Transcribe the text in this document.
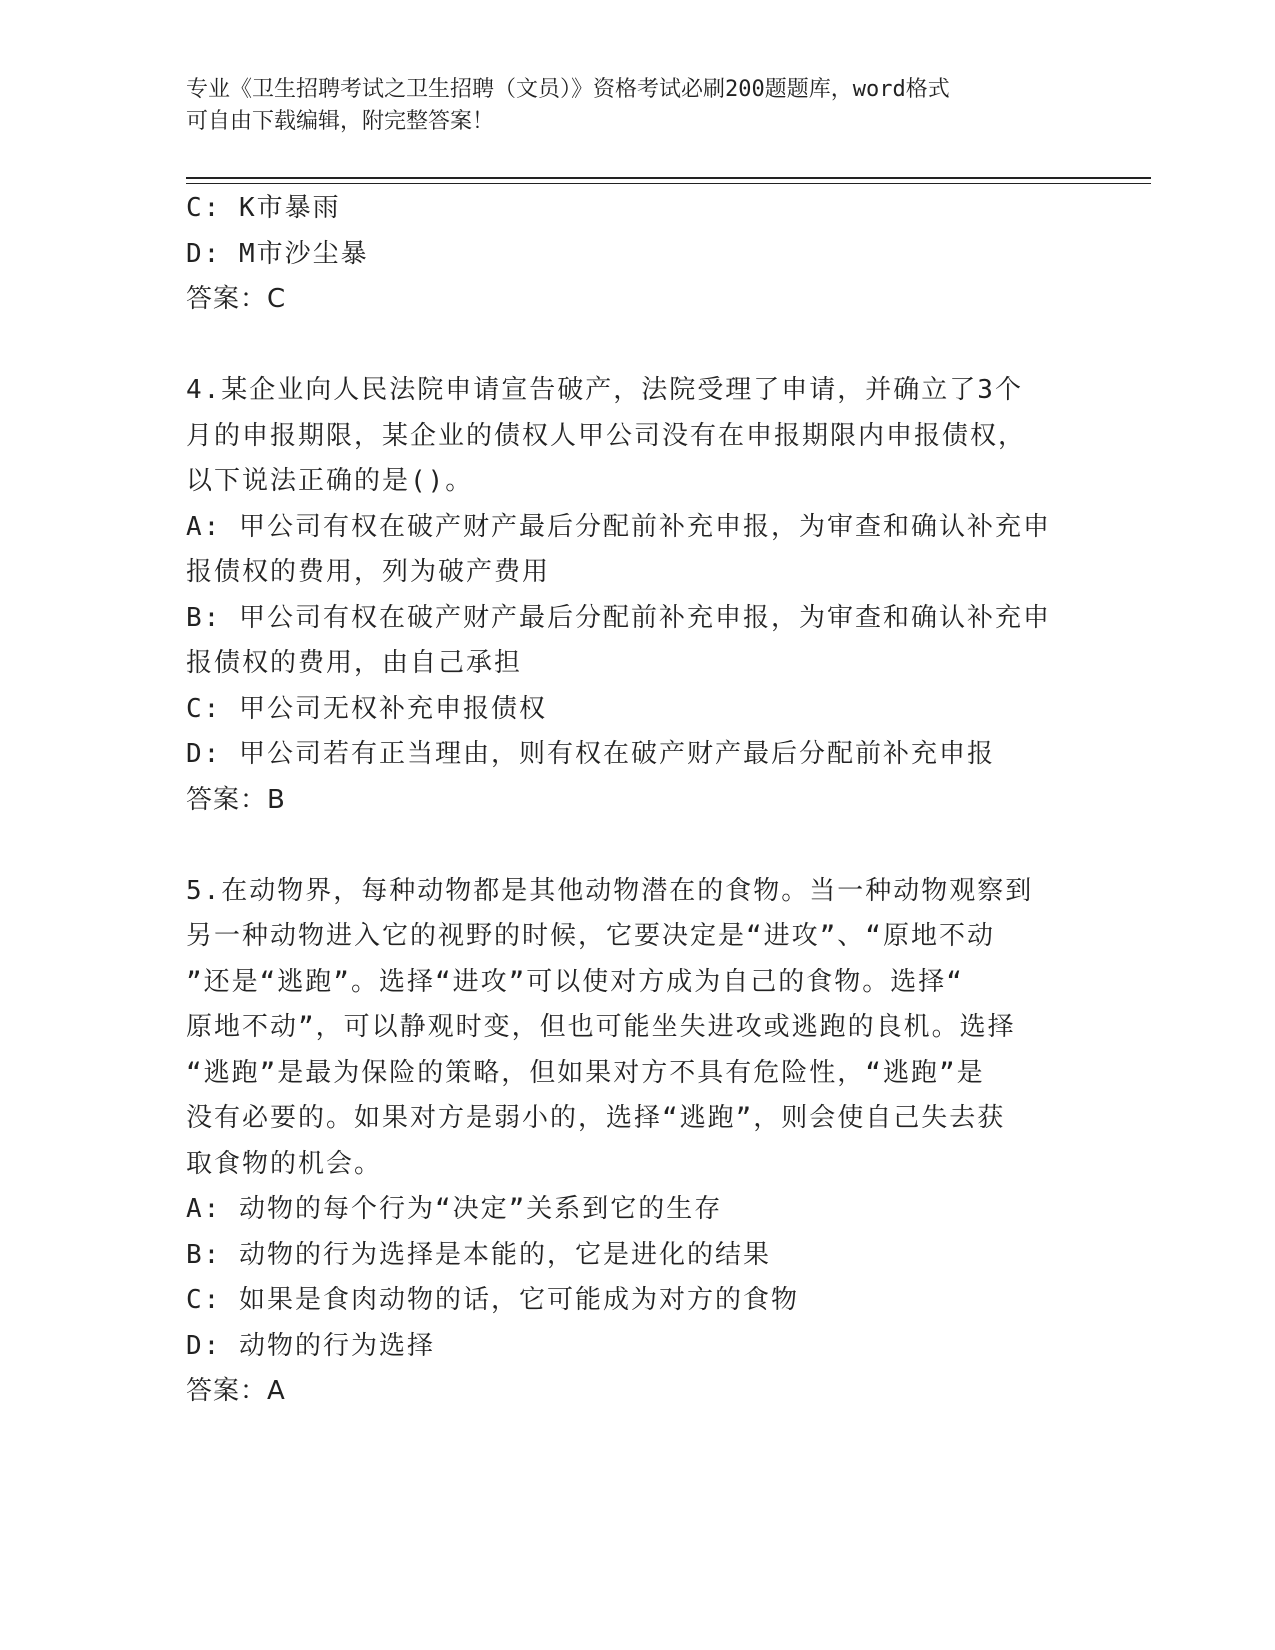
专业《卫生招聘考试之卫生招聘（文员）》资格考试必刷200题题库，word格式
可自由下载编辑，附完整答案！
C: K市暴雨
D: M市沙尘暴
答案：C
4.某企业向人民法院申请宣告破产，法院受理了申请，并确立了3个
月的申报期限，某企业的债权人甲公司没有在申报期限内申报债权，
以下说法正确的是()。
A: 甲公司有权在破产财产最后分配前补充申报，为审查和确认补充申
报债权的费用，列为破产费用
B: 甲公司有权在破产财产最后分配前补充申报，为审查和确认补充申
报债权的费用，由自己承担
C: 甲公司无权补充申报债权
D: 甲公司若有正当理由，则有权在破产财产最后分配前补充申报
答案：B
5.在动物界，每种动物都是其他动物潜在的食物。当一种动物观察到
另一种动物进入它的视野的时候，它要决定是“进攻”、“原地不动
”还是“逃跑”。选择“进攻”可以使对方成为自己的食物。选择“
原地不动”，可以静观时变，但也可能坐失进攻或逃跑的良机。选择
“逃跑”是最为保险的策略，但如果对方不具有危险性，“逃跑”是
没有必要的。如果对方是弱小的，选择“逃跑”，则会使自己失去获
取食物的机会。
A: 动物的每个行为“决定”关系到它的生存
B: 动物的行为选择是本能的，它是进化的结果
C: 如果是食肉动物的话，它可能成为对方的食物
D: 动物的行为选择
答案：A
